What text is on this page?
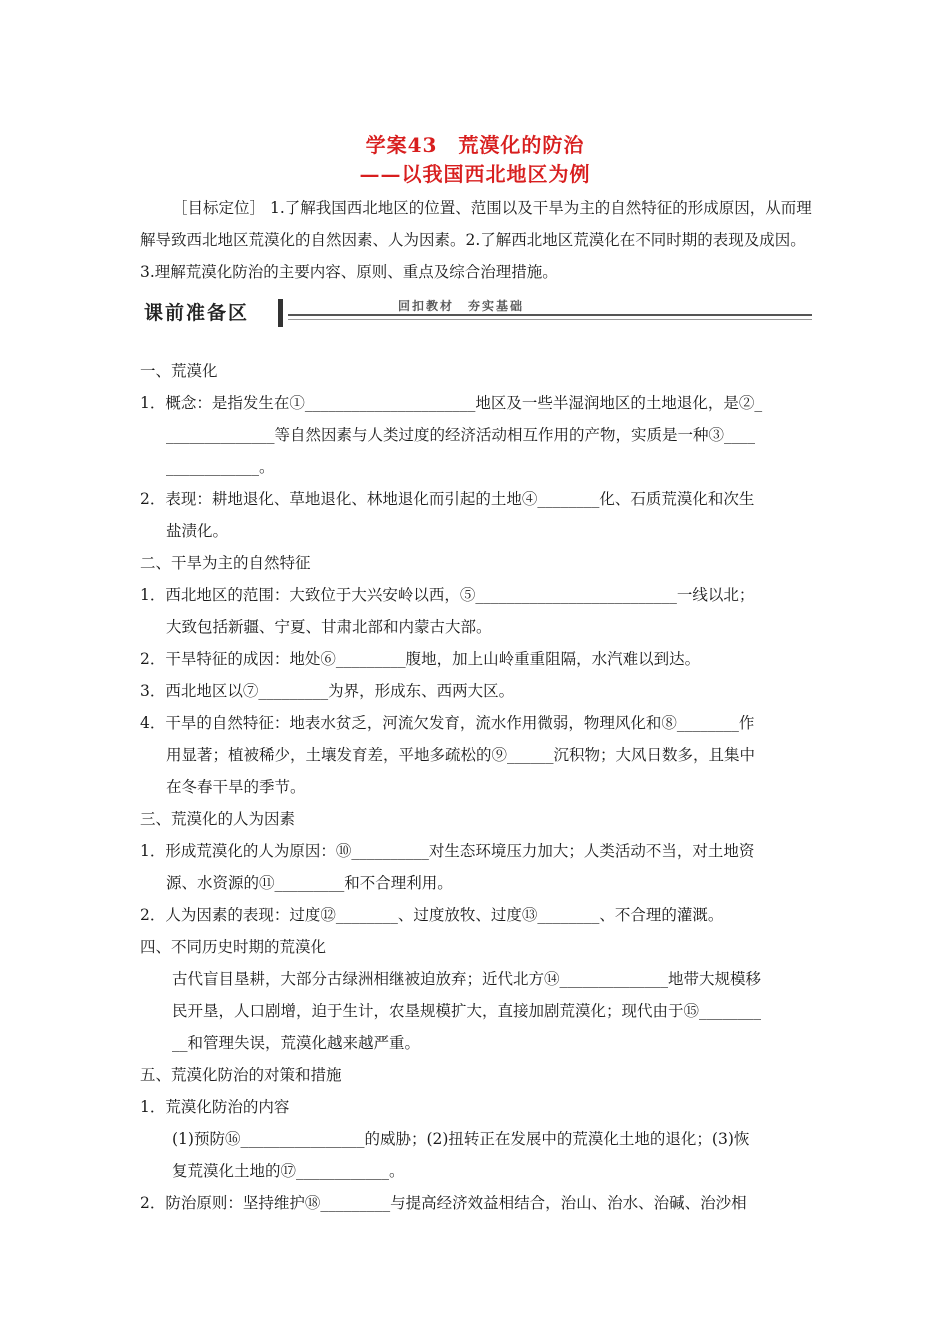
学案43　荒漠化的防治
——以我国西北地区为例
［目标定位］ 1.了解我国西北地区的位置、范围以及干旱为主的自然特征的形成原因，从而理解导致西北地区荒漠化的自然因素、人为因素。2.了解西北地区荒漠化在不同时期的表现及成因。3.理解荒漠化防治的主要内容、原则、重点及综合治理措施。
课前准备区	回扣教材　夯实基础
一、荒漠化
1．概念：是指发生在①______________________地区及一些半湿润地区的土地退化，是②_
______________等自然因素与人类过度的经济活动相互作用的产物，实质是一种③____
____________。
2．表现：耕地退化、草地退化、林地退化而引起的土地④________化、石质荒漠化和次生
盐渍化。
二、干旱为主的自然特征
1．西北地区的范围：大致位于大兴安岭以西，⑤__________________________一线以北；
大致包括新疆、宁夏、甘肃北部和内蒙古大部。
2．干旱特征的成因：地处⑥_________腹地，加上山岭重重阻隔，水汽难以到达。
3．西北地区以⑦_________为界，形成东、西两大区。
4．干旱的自然特征：地表水贫乏，河流欠发育，流水作用微弱，物理风化和⑧________作
用显著；植被稀少，土壤发育差，平地多疏松的⑨______沉积物；大风日数多，且集中
在冬春干旱的季节。
三、荒漠化的人为因素
1．形成荒漠化的人为原因：⑩__________对生态环境压力加大；人类活动不当，对土地资
源、水资源的⑪_________和不合理利用。
2．人为因素的表现：过度⑫________、过度放牧、过度⑬________、不合理的灌溉。
四、不同历史时期的荒漠化
古代盲目垦耕，大部分古绿洲相继被迫放弃；近代北方⑭______________地带大规模移
民开垦，人口剧增，迫于生计，农垦规模扩大，直接加剧荒漠化；现代由于⑮________
__和管理失误，荒漠化越来越严重。
五、荒漠化防治的对策和措施
1．荒漠化防治的内容
(1)预防⑯________________的威胁；(2)扭转正在发展中的荒漠化土地的退化；(3)恢
复荒漠化土地的⑰____________。
2．防治原则：坚持维护⑱_________与提高经济效益相结合，治山、治水、治碱、治沙相
